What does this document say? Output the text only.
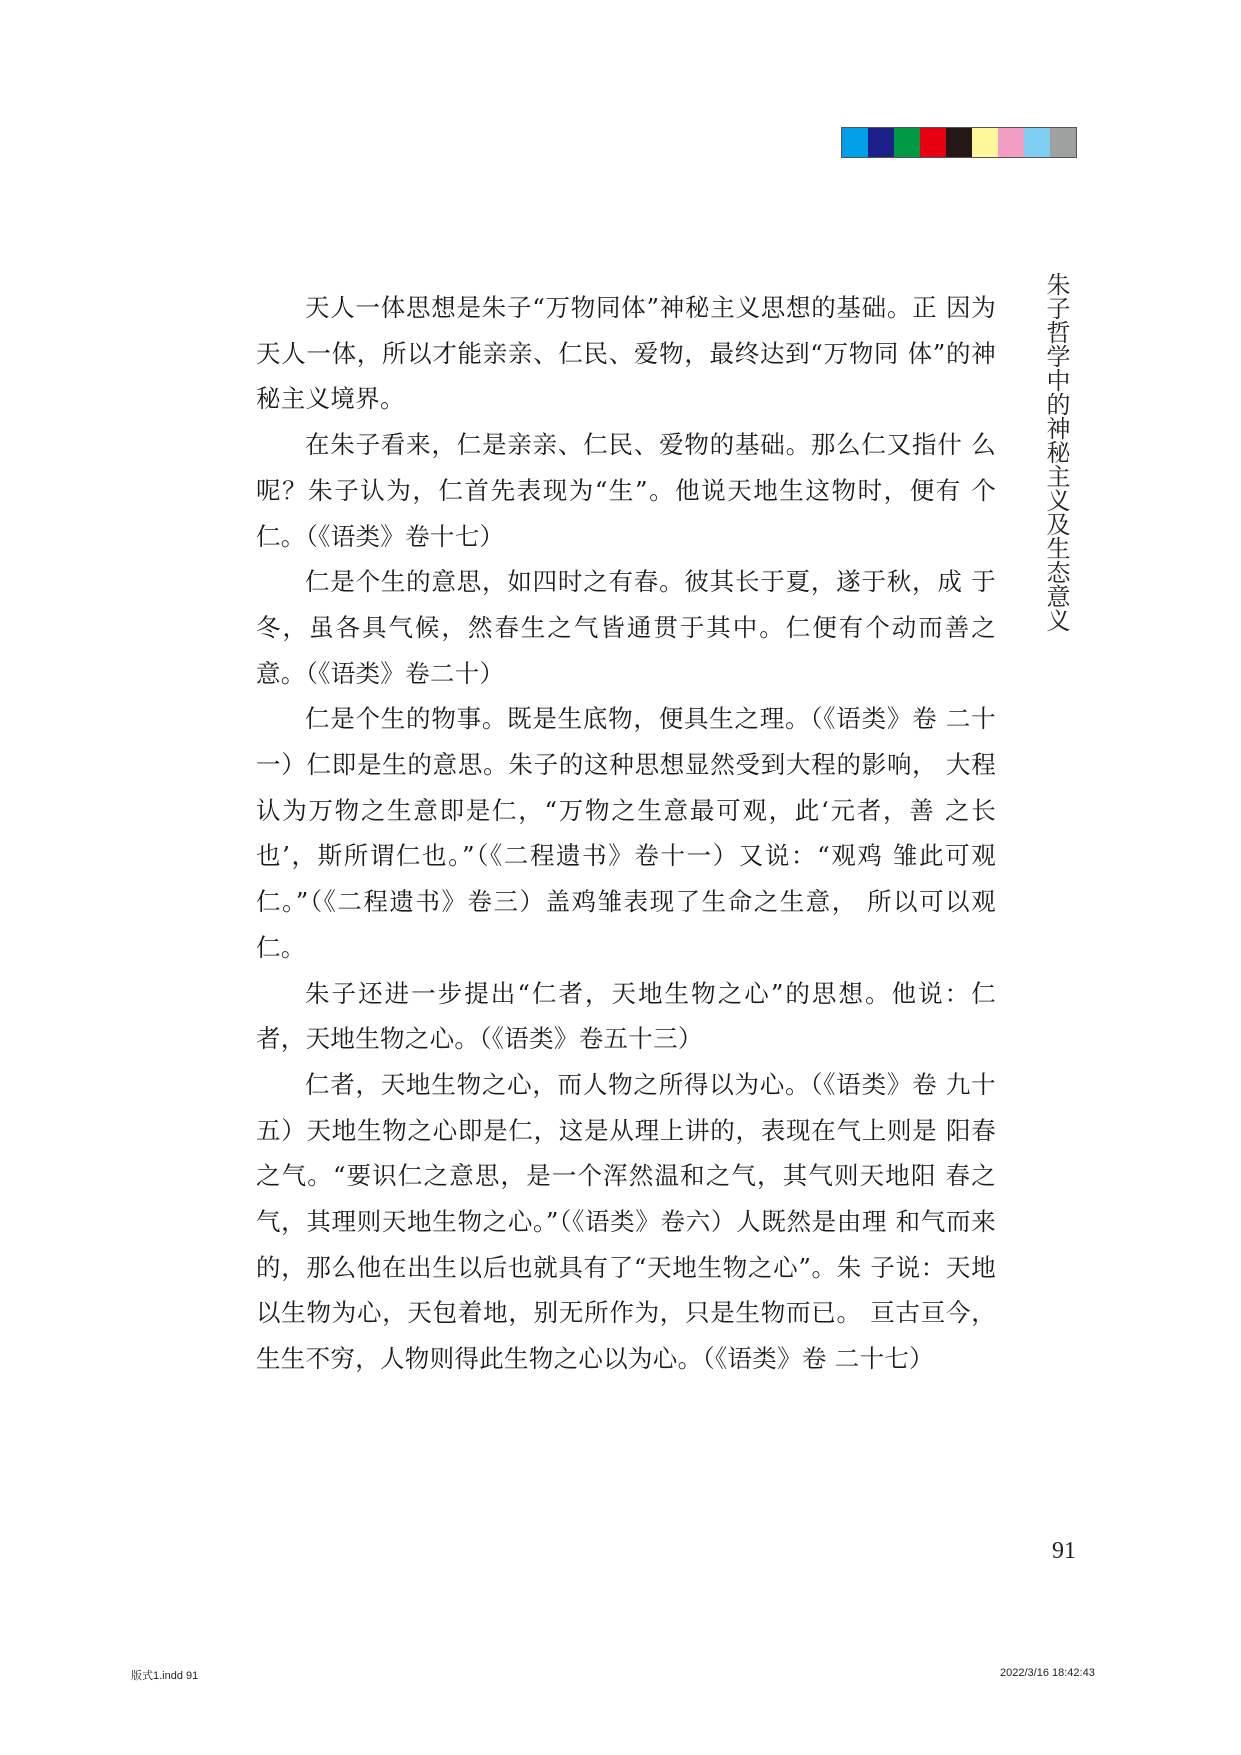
朱子哲学中的神秘主义及生态意义

天人一体思想是朱子“万物同体”神秘主义思想的基础。正 因为天人一体，所以才能亲亲、仁民、爱物，最终达到“万物同 体”的神秘主义境界。

在朱子看来，仁是亲亲、仁民、爱物的基础。那么仁又指什 么呢？朱子认为，仁首先表现为“生”。他说天地生这物时，便有 个仁。（《语类》卷十七）

仁是个生的意思，如四时之有春。彼其长于夏，遂于秋，成 于冬，虽各具气候，然春生之气皆通贯于其中。仁便有个动而善之 意。（《语类》卷二十）

仁是个生的物事。既是生底物，便具生之理。（《语类》卷 二十一）仁即是生的意思。朱子的这种思想显然受到大程的影响， 大程认为万物之生意即是仁，“万物之生意最可观，此‘元者，善 之长也’，斯所谓仁也。”（《二程遗书》卷十一）又说：“观鸡 雏此可观仁。”（《二程遗书》卷三）盖鸡雏表现了生命之生意， 所以可以观仁。

朱子还进一步提出“仁者，天地生物之心”的思想。他说：仁者，天地生物之心。（《语类》卷五十三）

仁者，天地生物之心，而人物之所得以为心。（《语类》卷 九十五）天地生物之心即是仁，这是从理上讲的，表现在气上则是 阳春之气。“要识仁之意思，是一个浑然温和之气，其气则天地阳 春之气，其理则天地生物之心。”（《语类》卷六）人既然是由理 和气而来的，那么他在出生以后也就具有了“天地生物之心”。朱 子说：天地以生物为心，天包着地，别无所作为，只是生物而已。 亘古亘今，生生不穷，人物则得此生物之心以为心。（《语类》卷 二十七）

91
版式1.indd 91	2022/3/16 18:42:43
